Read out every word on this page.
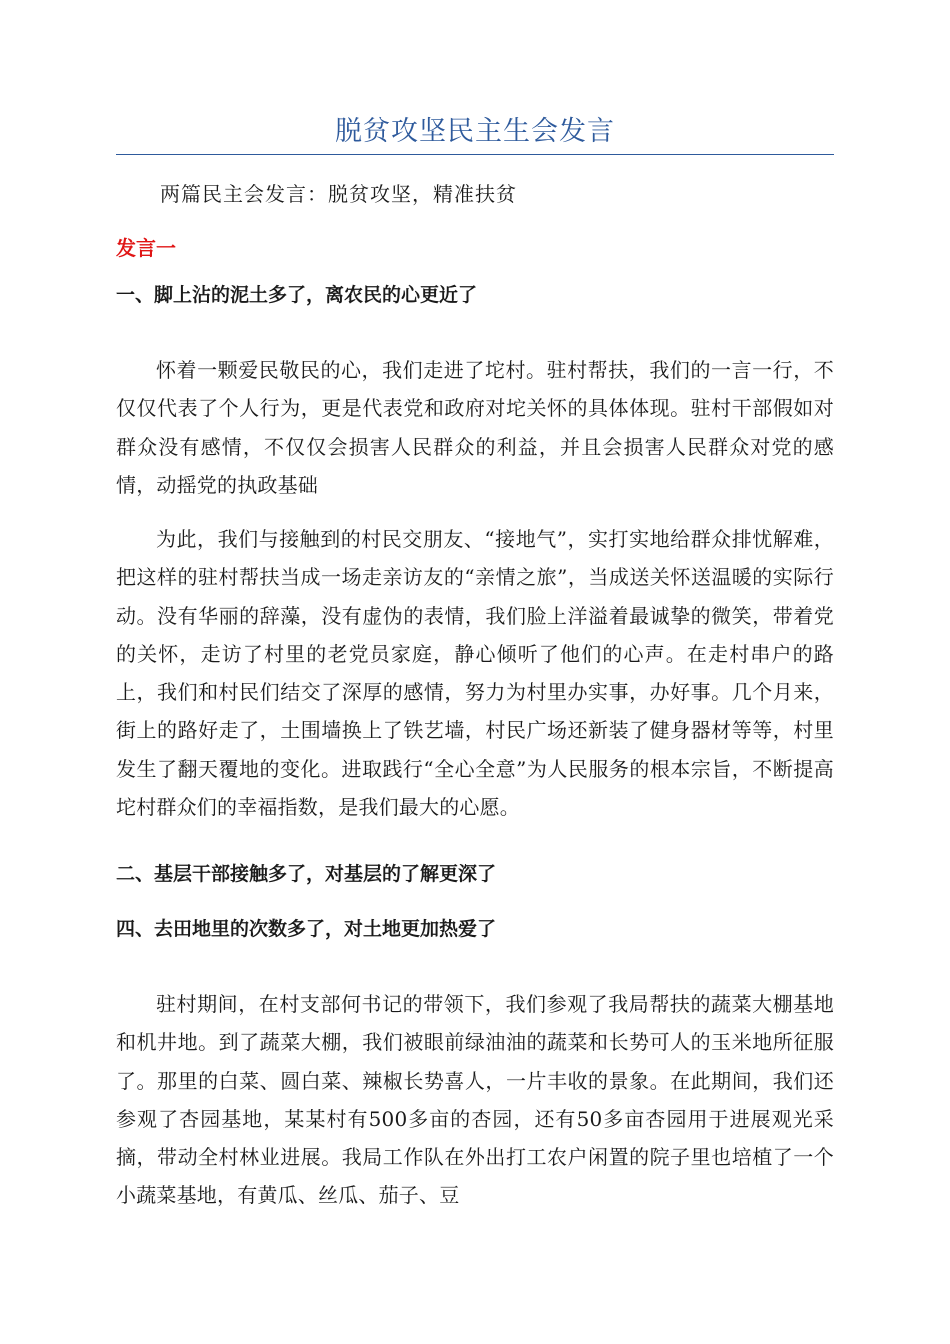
脱贫攻坚民主生会发言
两篇民主会发言：脱贫攻坚，精准扶贫
发言一
一、脚上沾的泥土多了，离农民的心更近了

怀着一颗爱民敬民的心，我们走进了坨村。驻村帮扶，我们的一言一行，不仅仅代表了个人行为，更是代表党和政府对坨关怀的具体体现。驻村干部假如对群众没有感情，不仅仅会损害人民群众的利益，并且会损害人民群众对党的感情，动摇党的执政基础

为此，我们与接触到的村民交朋友、“接地气”，实打实地给群众排忧解难，把这样的驻村帮扶当成一场走亲访友的“亲情之旅”，当成送关怀送温暖的实际行动。没有华丽的辞藻，没有虚伪的表情，我们脸上洋溢着最诚挚的微笑，带着党的关怀，走访了村里的老党员家庭，静心倾听了他们的心声。在走村串户的路上，我们和村民们结交了深厚的感情，努力为村里办实事，办好事。几个月来，街上的路好走了，土围墙换上了铁艺墙，村民广场还新装了健身器材等等，村里发生了翻天覆地的变化。进取践行“全心全意”为人民服务的根本宗旨，不断提高坨村群众们的幸福指数，是我们最大的心愿。

二、基层干部接触多了，对基层的了解更深了
四、去田地里的次数多了，对土地更加热爱了

驻村期间，在村支部何书记的带领下，我们参观了我局帮扶的蔬菜大棚基地和机井地。到了蔬菜大棚，我们被眼前绿油油的蔬菜和长势可人的玉米地所征服了。那里的白菜、圆白菜、辣椒长势喜人，一片丰收的景象。在此期间，我们还参观了杏园基地，某某村有500多亩的杏园，还有50多亩杏园用于进展观光采摘，带动全村林业进展。我局工作队在外出打工农户闲置的院子里也培植了一个小蔬菜基地，有黄瓜、丝瓜、茄子、豆
